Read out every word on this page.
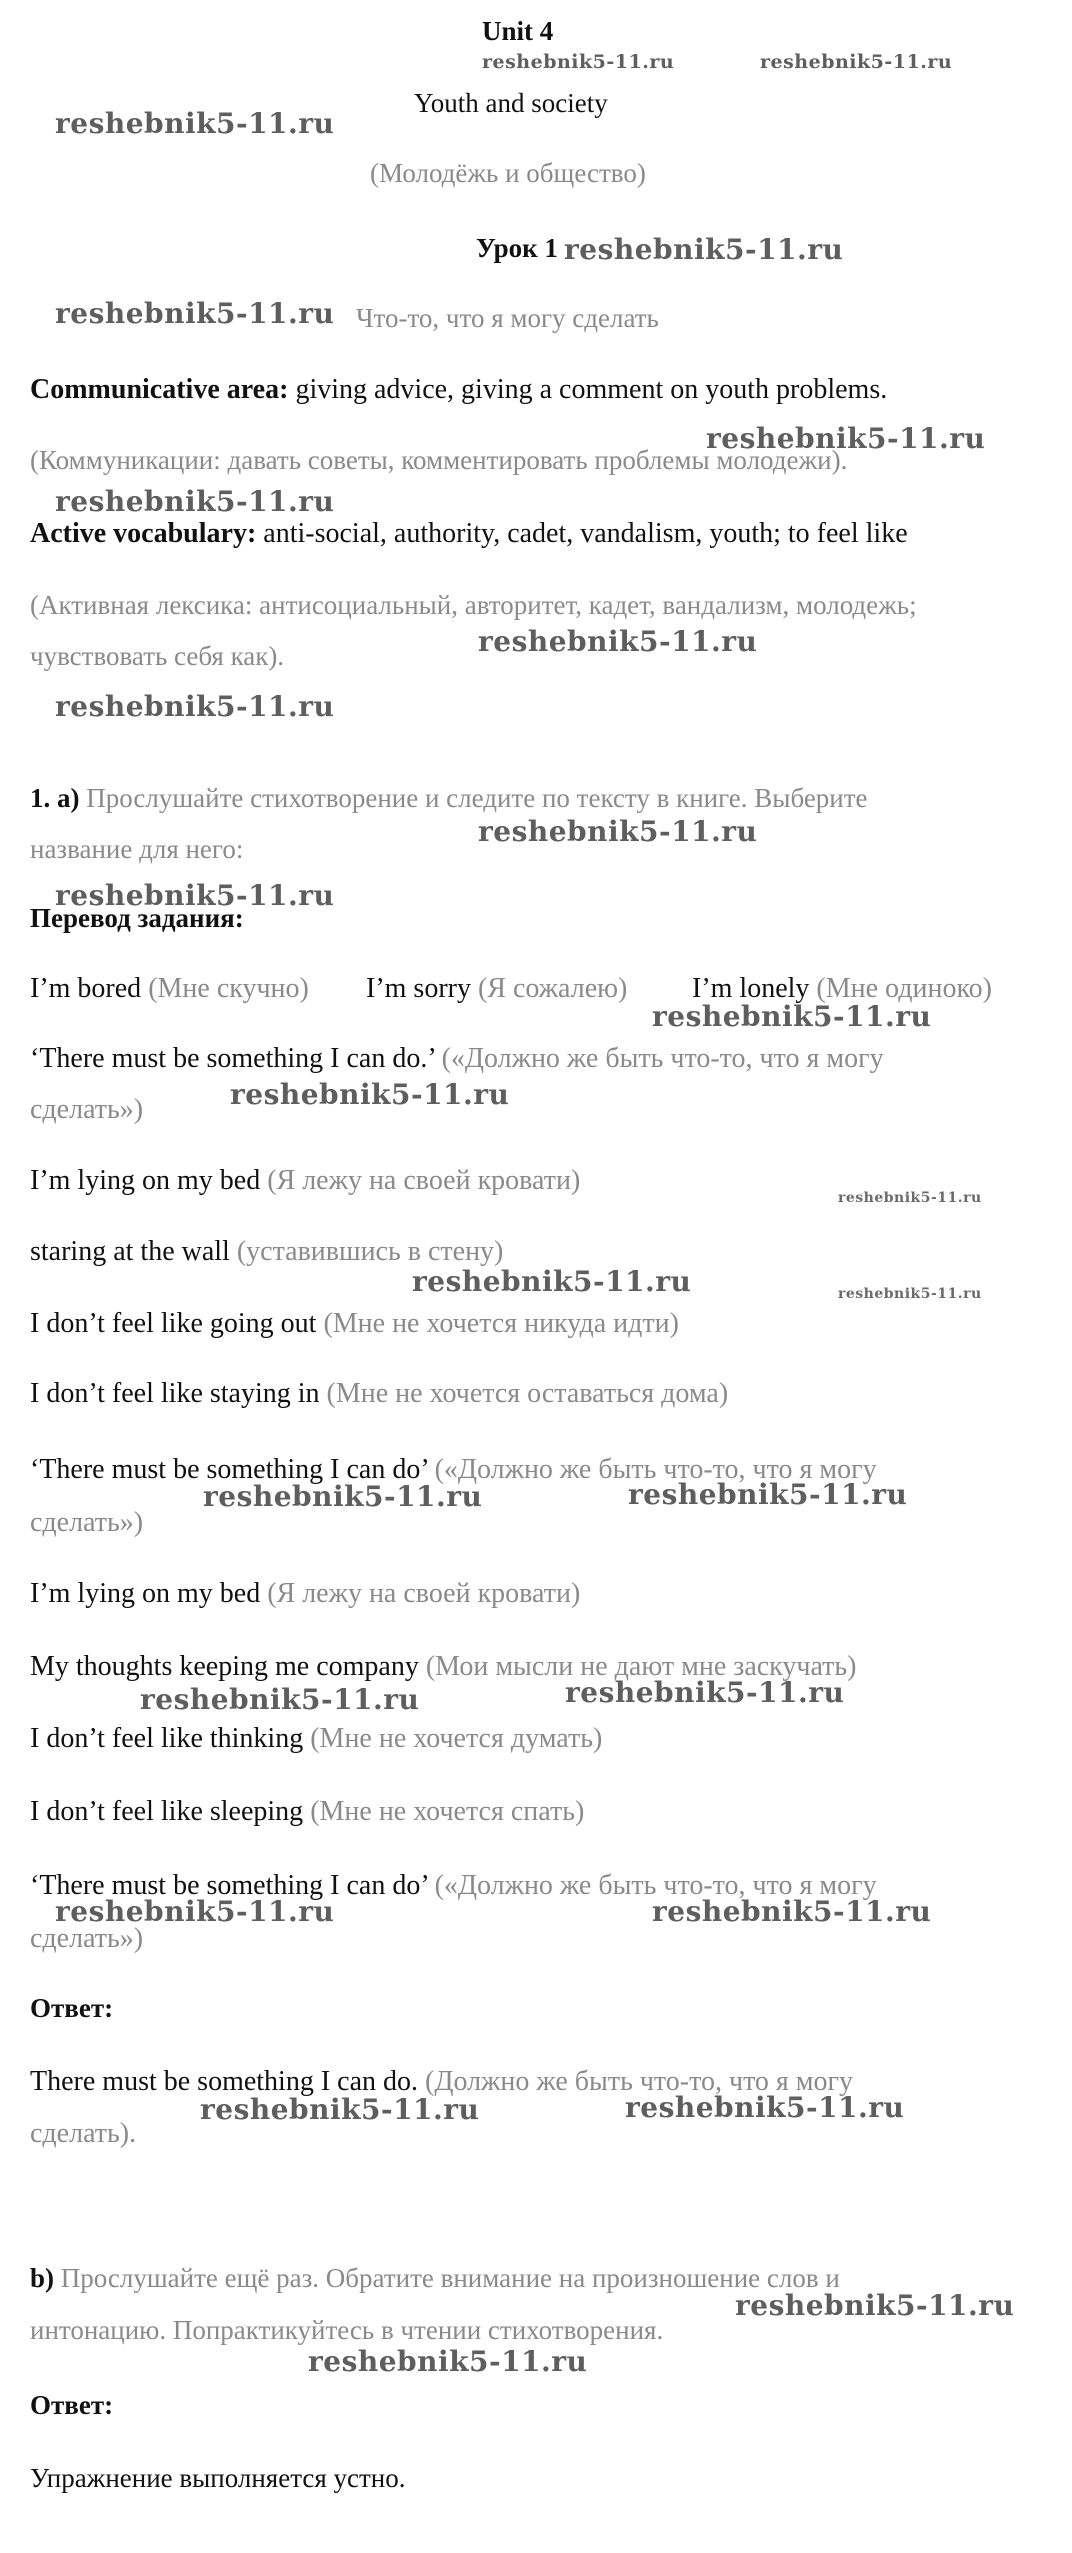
Unit 4
reshebnik5-11.ru	reshebnik5-11.ru
Youth and society
reshebnik5-11.ru
(Молодёжь и общество)
Урок 1 reshebnik5-11.ru
reshebnik5-11.ru Что-то, что я могу сделать
Communicative area: giving advice, giving a comment on youth problems.
reshebnik5-11.ru
(Коммуникации: давать советы, комментировать проблемы молодежи).
reshebnik5-11.ru
Active vocabulary: anti-social, authority, cadet, vandalism, youth; to feel like
(Активная лексика: антисоциальный, авторитет, кадет, вандализм, молодежь;
чувствовать себя как).	reshebnik5-11.ru
reshebnik5-11.ru
1. a) Прослушайте стихотворение и следите по тексту в книге. Выберите
название для него:
reshebnik5-11.ru
reshebnik5-11.ru
Перевод задания:
I’m bored (Мне скучно) I’m sorry (Я сожалею) I’m lonely (Мне одиноко)
reshebnik5-11.ru
‘There must be something I can do.’ («Должно же быть что-то, что я могу
сделать»)	reshebnik5-11.ru
I’m lying on my bed (Я лежу на своей кровати)
reshebnik5-11.ru
staring at the wall (уставившись в стену)
reshebnik5-11.ru	reshebnik5-11.ru
I don’t feel like going out (Мне не хочется никуда идти)
I don’t feel like staying in (Мне не хочется оставаться дома)
‘There must be something I can do’ («Должно же быть что-то, что я могу
reshebnik5-11.ru	reshebnik5-11.ru
сделать»)
I’m lying on my bed (Я лежу на своей кровати)
My thoughts keeping me company (Мои мысли не дают мне заскучать)
reshebnik5-11.ru	reshebnik5-11.ru
I don’t feel like thinking (Мне не хочется думать)
I don’t feel like sleeping (Мне не хочется спать)
‘There must be something I can do’ («Должно же быть что-то, что я могу
reshebnik5-11.ru	reshebnik5-11.ru
сделать»)
Ответ:
There must be something I can do. (Должно же быть что-то, что я могу
reshebnik5-11.ru	reshebnik5-11.ru
сделать).
b) Прослушайте ещё раз. Обратите внимание на произношение слов и
reshebnik5-11.ru
интонацию. Попрактикуйтесь в чтении стихотворения.
reshebnik5-11.ru
Ответ:
Упражнение выполняется устно.
